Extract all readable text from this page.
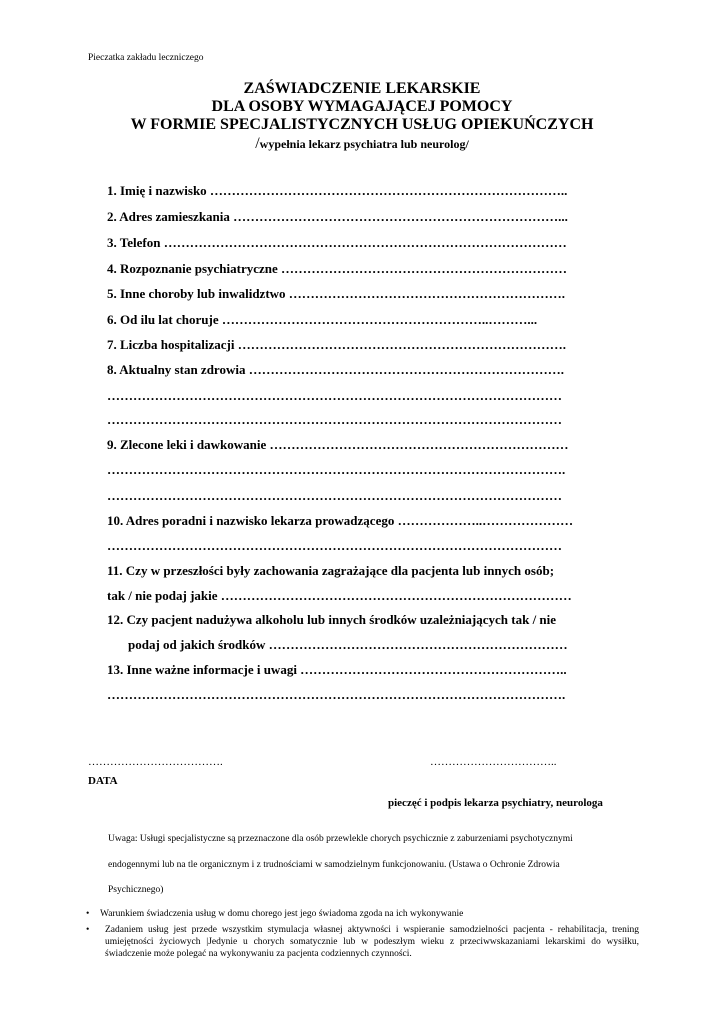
Pieczatka zakładu leczniczego
ZAŚWIADCZENIE LEKARSKIE
DLA OSOBY WYMAGAJĄCEJ POMOCY
W FORMIE SPECJALISTYCZNYCH USŁUG OPIEKUŃCZYCH
/wypełnia lekarz psychiatra lub neurolog/
1. Imię i nazwisko ………………………………………………………………………..
2. Adres zamieszkania …………………………………………………………………...
3. Telefon …………………………………………………………………………………
4. Rozpoznanie psychiatryczne …………………………………………………………
5. Inne choroby lub inwalidztwo ……………………………………………………….
6. Od ilu lat choruje ……………………………………………………..………...
7. Liczba hospitalizacji ………………………………………………………………….
8. Aktualny stan zdrowia ……………………………………………………………….
……………………………………………………………………………………………
……………………………………………………………………………………………
9. Zlecone leki i dawkowanie ……………………………………………………………
…………………………………………………………………………………………….
……………………………………………………………………………………………
10. Adres poradni i nazwisko lekarza prowadzącego ………………..…………………
……………………………………………………………………………………………
11. Czy w przeszłości były zachowania zagrażające dla pacjenta lub innych osób;
tak / nie podaj jakie ………………………………………………………………………
12. Czy pacjent nadużywa alkoholu lub innych środków uzależniających tak / nie
podaj od jakich środków ……………………………………………………………
13. Inne ważne informacje i uwagi ……………………………………………………..
…………………………………………………………………………………………….
……………………………….
DATA
……………………………..
pieczęć i podpis lekarza psychiatry, neurologa
Uwaga: Usługi specjalistyczne są przeznaczone dla osób przewlekle chorych psychicznie z zaburzeniami psychotycznymi
endogennymi lub na tle organicznym i z trudnościami w samodzielnym funkcjonowaniu. (Ustawa o Ochronie Zdrowia
Psychicznego)
• Warunkiem świadczenia usług w domu chorego jest jego świadoma zgoda na ich wykonywanie
• Zadaniem usług jest przede wszystkim stymulacja własnej aktywności i wspieranie samodzielności pacjenta - rehabilitacja, trening umiejętności życiowych |Jedynie u chorych somatycznie lub w podeszłym wieku z przeciwwskazaniami lekarskimi do wysiłku, świadczenie może polegać na wykonywaniu za pacjenta codziennych czynności.
